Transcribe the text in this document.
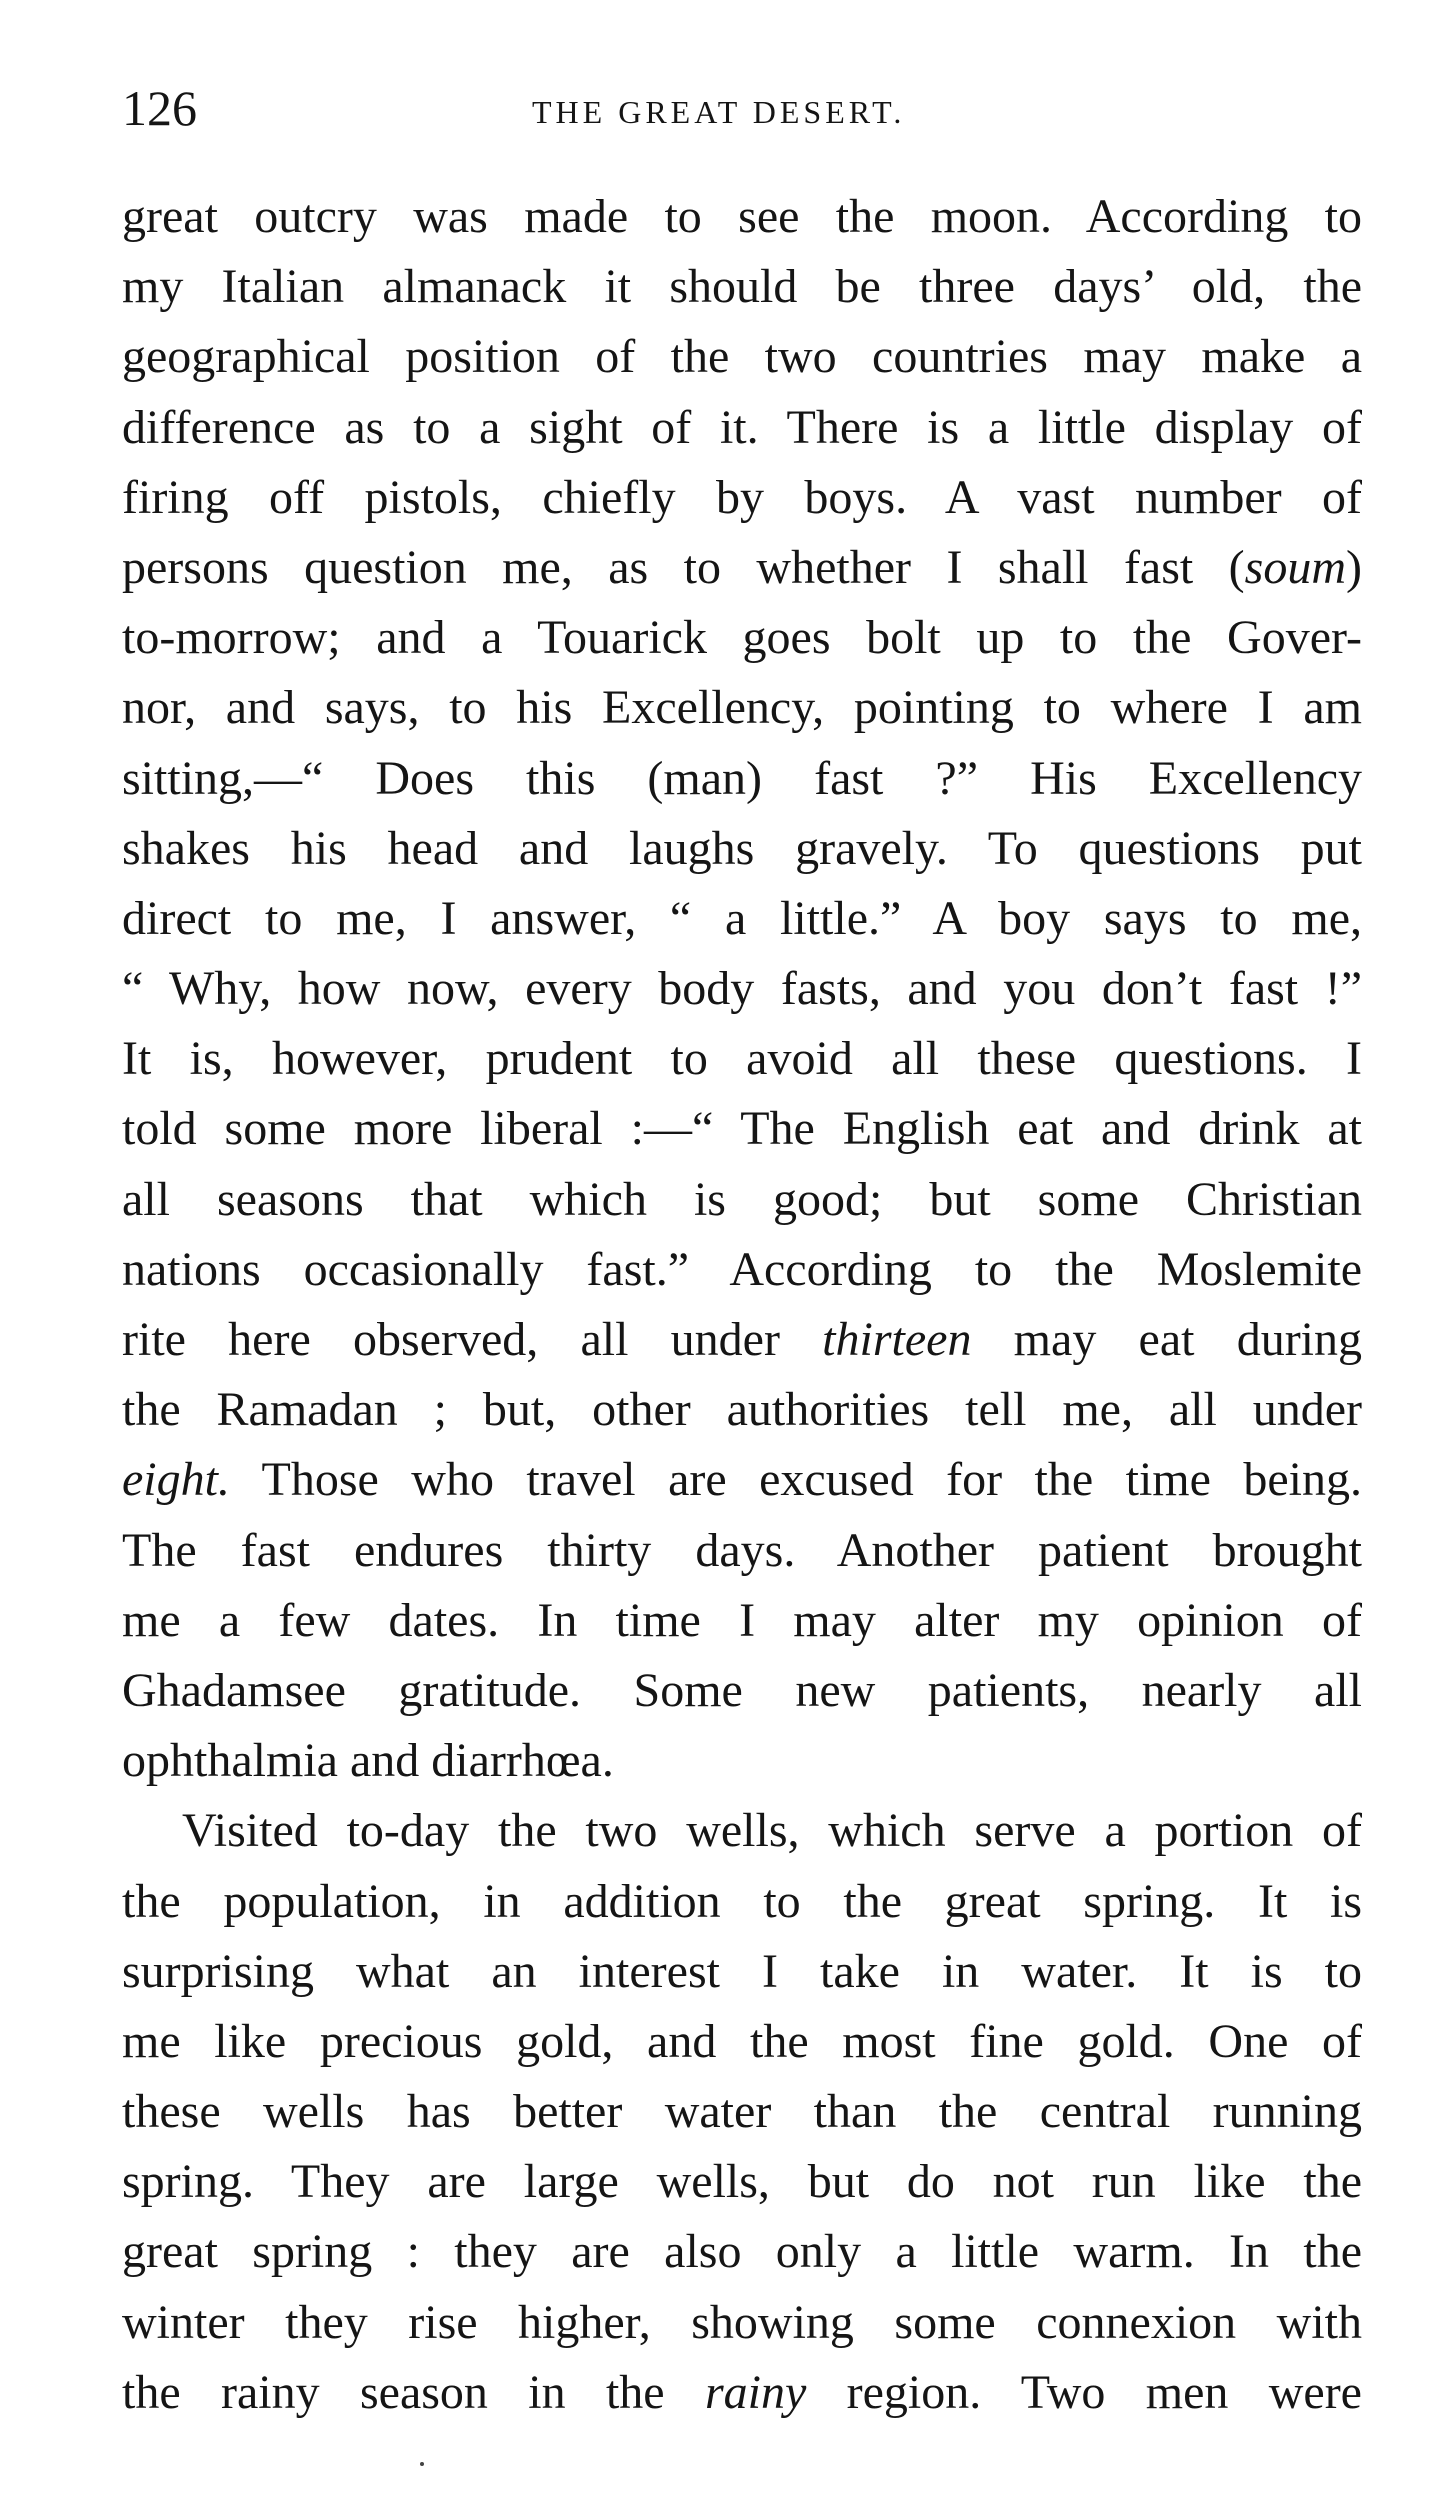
126	THE GREAT DESERT.
great outcry was made to see the moon. According to
my Italian almanack it should be three days’ old, the
geographical position of the two countries may make a
difference as to a sight of it. There is a little display of
firing off pistols, chiefly by boys. A vast number of
persons question me, as to whether I shall fast (soum)
to-morrow; and a Touarick goes bolt up to the Gover-
nor, and says, to his Excellency, pointing to where I am
sitting,—“ Does this (man) fast ?” His Excellency
shakes his head and laughs gravely. To questions put
direct to me, I answer, “ a little.” A boy says to me,
“ Why, how now, every body fasts, and you don’t fast !”
It is, however, prudent to avoid all these questions. I
told some more liberal :—“ The English eat and drink at
all seasons that which is good; but some Christian
nations occasionally fast.” According to the Moslemite
rite here observed, all under thirteen may eat during
the Ramadan ; but, other authorities tell me, all under
eight. Those who travel are excused for the time being.
The fast endures thirty days. Another patient brought
me a few dates. In time I may alter my opinion of
Ghadamsee gratitude. Some new patients, nearly all
ophthalmia and diarrhœa.
Visited to-day the two wells, which serve a portion of
the population, in addition to the great spring. It is
surprising what an interest I take in water. It is to
me like precious gold, and the most fine gold. One of
these wells has better water than the central running
spring. They are large wells, but do not run like the
great spring : they are also only a little warm. In the
winter they rise higher, showing some connexion with
the rainy season in the rainy region. Two men were
